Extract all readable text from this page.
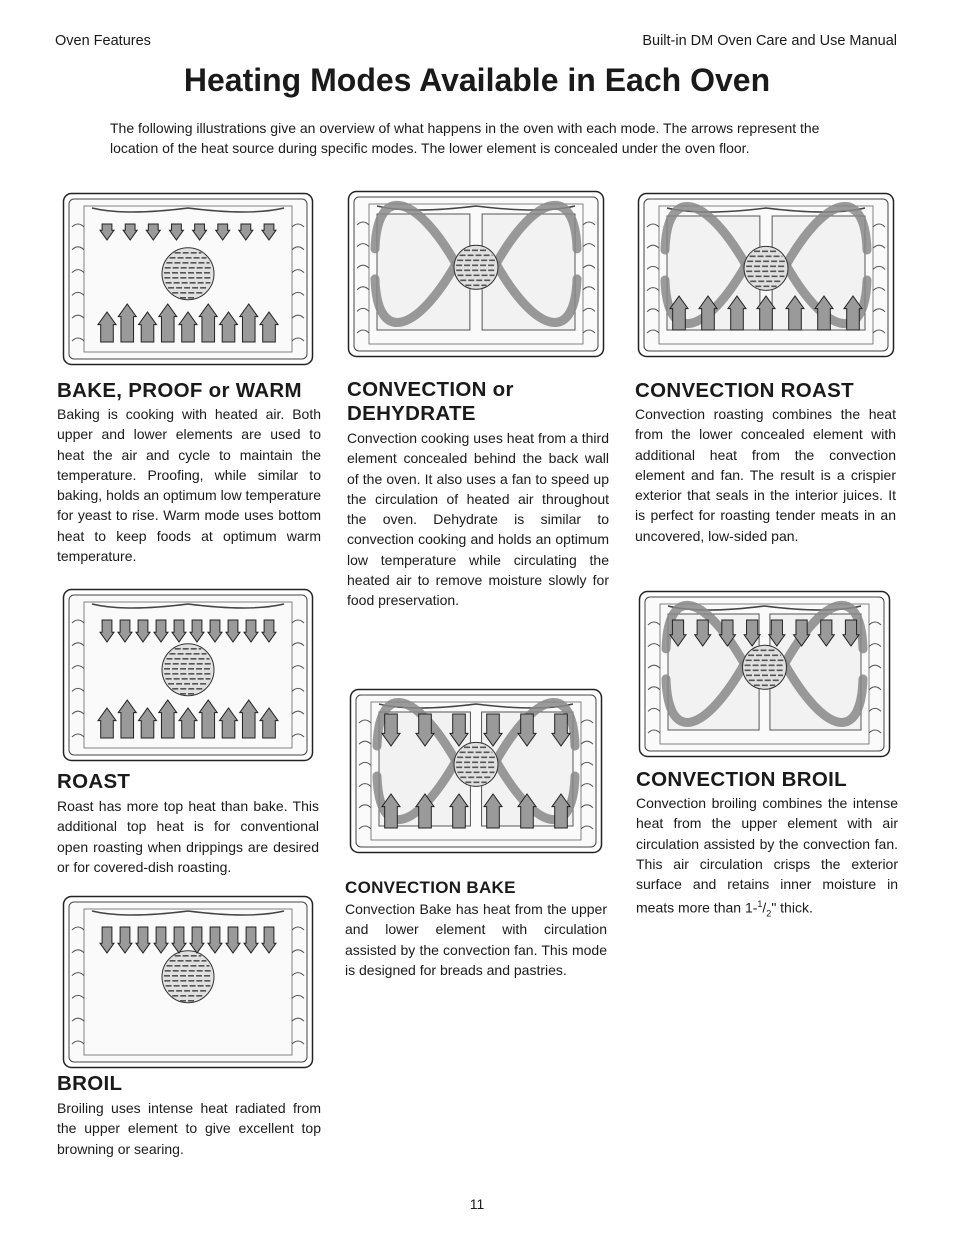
Oven Features	Built-in DM Oven Care and Use Manual
Heating Modes Available in Each Oven

The following illustrations give an overview of what happens in the oven with each mode. The arrows represent the location of the heat source during specific modes. The lower element is concealed under the oven floor.

BAKE, PROOF or WARM

Baking is cooking with heated air. Both upper and lower elements are used to heat the air and cycle to maintain the temperature. Proofing, while similar to baking, holds an optimum low temperature for yeast to rise. Warm mode uses bottom heat to keep foods at optimum warm temperature.

CONVECTION or DEHYDRATE

Convection cooking uses heat from a third element concealed behind the back wall of the oven. It also uses a fan to speed up the circulation of heated air throughout the oven. Dehydrate is similar to convection cooking and holds an optimum low temperature while circulating the heated air to remove moisture slowly for food preservation.

CONVECTION ROAST

Convection roasting combines the heat from the lower concealed element with additional heat from the convection element and fan. The result is a crispier exterior that seals in the interior juices. It is perfect for roasting tender meats in an uncovered, low-sided pan.

ROAST

Roast has more top heat than bake. This additional top heat is for conventional open roasting when drippings are desired or for covered-dish roasting.

CONVECTION BAKE

Convection Bake has heat from the upper and lower element with circulation assisted by the convection fan. This mode is designed for breads and pastries.

CONVECTION BROIL

Convection broiling combines the intense heat from the upper element with air circulation assisted by the convection fan. This air circulation crisps the exterior surface and retains inner moisture in meats more than $1-^1/_2$" thick.

BROIL

Broiling uses intense heat radiated from the upper element to give excellent top browning or searing.

11
